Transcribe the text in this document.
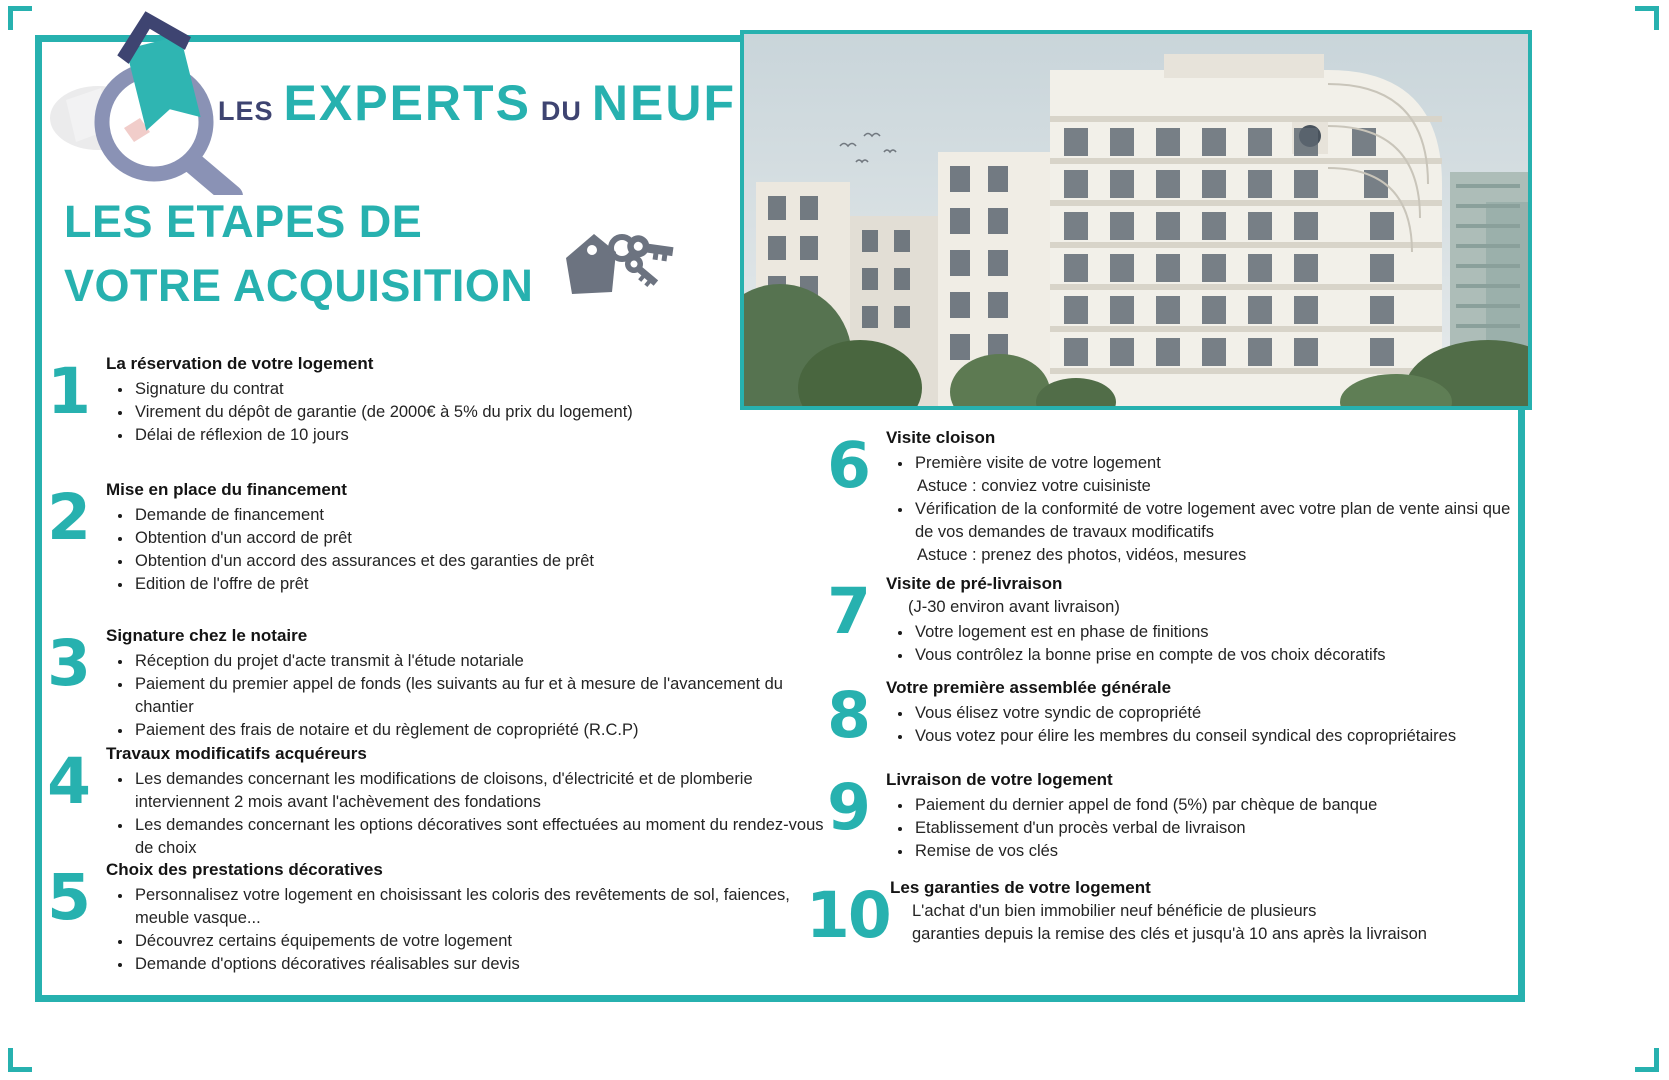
LES EXPERTS DU NEUF
LES ETAPES DE
VOTRE ACQUISITION
1 La réservation de votre logement
• Signature du contrat
• Virement du dépôt de garantie (de 2000€ à 5% du prix du logement)
• Délai de réflexion de 10 jours
2 Mise en place du financement
• Demande de financement
• Obtention d'un accord de prêt
• Obtention d'un accord des assurances et des garanties de prêt
• Edition de l'offre de prêt
3 Signature chez le notaire
• Réception du projet d'acte transmit à l'étude notariale
• Paiement du premier appel de fonds (les suivants au fur et à mesure de l'avancement du chantier
• Paiement des frais de notaire et du règlement de copropriété (R.C.P)
4 Travaux modificatifs acquéreurs
• Les demandes concernant les modifications de cloisons, d'électricité et de plomberie interviennent 2 mois avant l'achèvement des fondations
• Les demandes concernant les options décoratives sont effectuées au moment du rendez-vous de choix
5 Choix des prestations décoratives
• Personnalisez votre logement en choisissant les coloris des revêtements de sol, faiences, meuble vasque...
• Découvrez certains équipements de votre logement
• Demande d'options décoratives réalisables sur devis
6 Visite cloison
• Première visite de votre logement
Astuce : conviez votre cuisiniste
• Vérification de la conformité de votre logement avec votre plan de vente ainsi que de vos demandes de travaux modificatifs
Astuce : prenez des photos, vidéos, mesures
7 Visite de pré-livraison
(J-30 environ avant livraison)
• Votre logement est en phase de finitions
• Vous contrôlez la bonne prise en compte de vos choix décoratifs
8 Votre première assemblée générale
• Vous élisez votre syndic de copropriété
• Vous votez pour élire les membres du conseil syndical des copropriétaires
9 Livraison de votre logement
• Paiement du dernier appel de fond (5%) par chèque de banque
• Etablissement d'un procès verbal de livraison
• Remise de vos clés
10 Les garanties de votre logement
L'achat d'un bien immobilier neuf bénéficie de plusieurs
garanties depuis la remise des clés et jusqu'à 10 ans après la livraison
